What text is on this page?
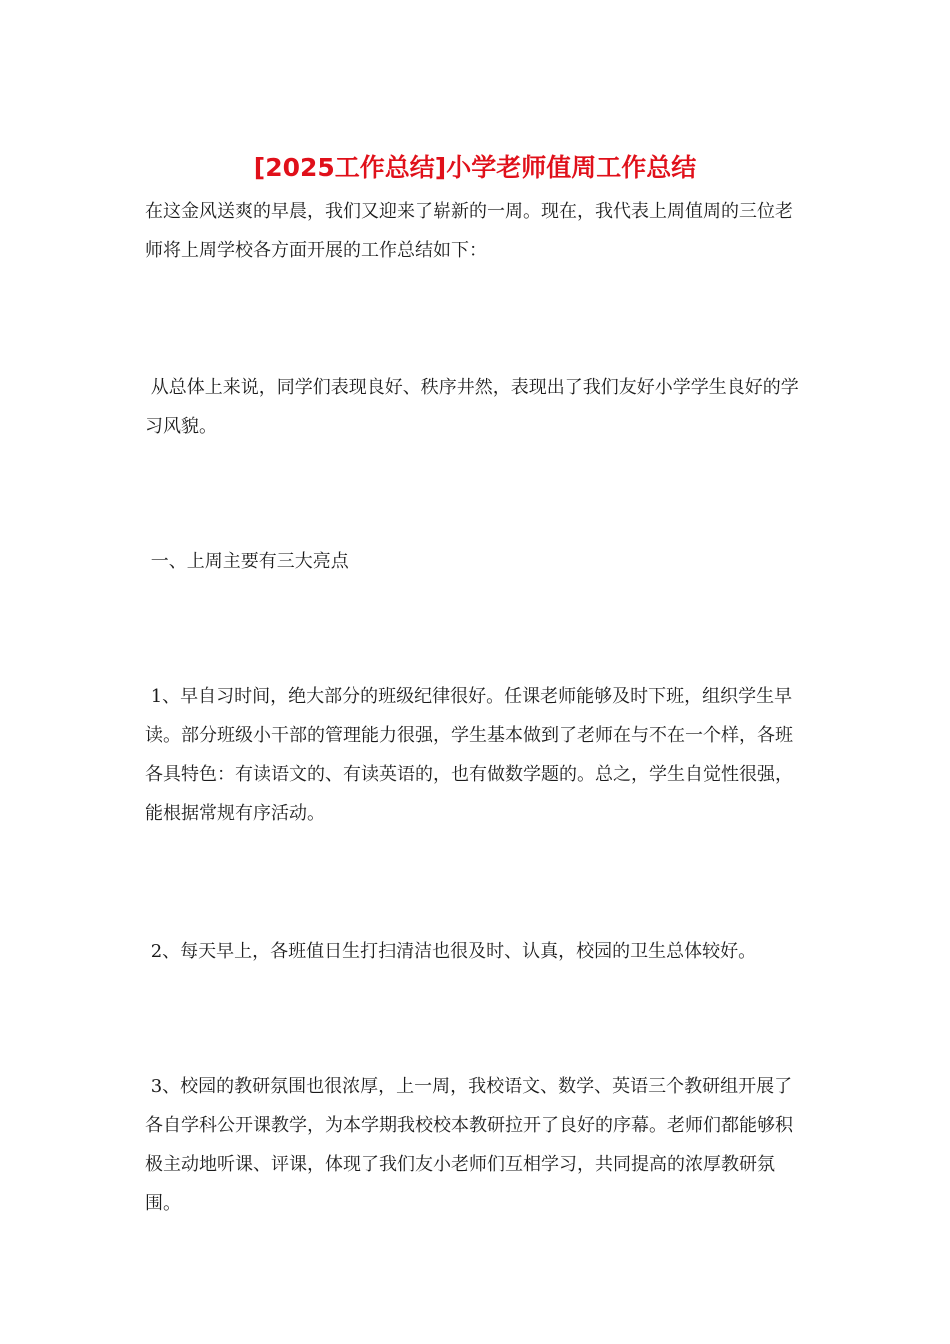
[2025工作总结]小学老师值周工作总结

在这金风送爽的早晨，我们又迎来了崭新的一周。现在，我代表上周值周的三位老师将上周学校各方面开展的工作总结如下：

从总体上来说，同学们表现良好、秩序井然，表现出了我们友好小学学生良好的学习风貌。

一、上周主要有三大亮点

1、早自习时间，绝大部分的班级纪律很好。任课老师能够及时下班，组织学生早读。部分班级小干部的管理能力很强，学生基本做到了老师在与不在一个样，各班各具特色：有读语文的、有读英语的，也有做数学题的。总之，学生自觉性很强，能根据常规有序活动。

2、每天早上，各班值日生打扫清洁也很及时、认真，校园的卫生总体较好。

3、校园的教研氛围也很浓厚，上一周，我校语文、数学、英语三个教研组开展了各自学科公开课教学，为本学期我校校本教研拉开了良好的序幕。老师们都能够积极主动地听课、评课，体现了我们友小老师们互相学习，共同提高的浓厚教研氛围。
